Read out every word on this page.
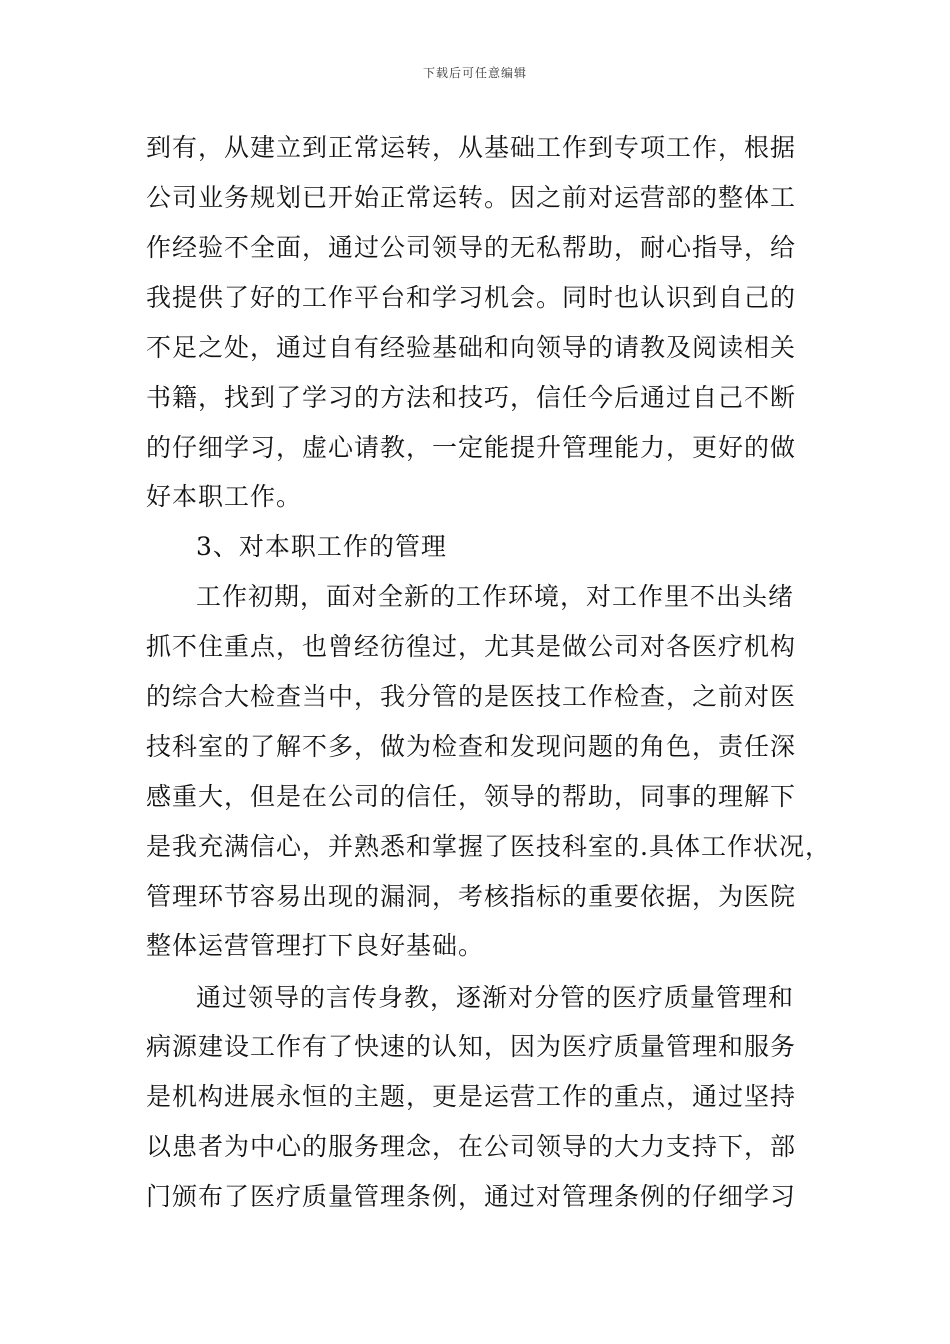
下载后可任意编辑
到有，从建立到正常运转，从基础工作到专项工作，根据
公司业务规划已开始正常运转。因之前对运营部的整体工
作经验不全面，通过公司领导的无私帮助，耐心指导，给
我提供了好的工作平台和学习机会。同时也认识到自己的
不足之处，通过自有经验基础和向领导的请教及阅读相关
书籍，找到了学习的方法和技巧，信任今后通过自己不断
的仔细学习，虚心请教，一定能提升管理能力，更好的做
好本职工作。
3、对本职工作的管理
工作初期，面对全新的工作环境，对工作里不出头绪
抓不住重点，也曾经彷徨过，尤其是做公司对各医疗机构
的综合大检查当中，我分管的是医技工作检查，之前对医
技科室的了解不多，做为检查和发现问题的角色，责任深
感重大，但是在公司的信任，领导的帮助，同事的理解下
是我充满信心，并熟悉和掌握了医技科室的.具体工作状况，
管理环节容易出现的漏洞，考核指标的重要依据，为医院
整体运营管理打下良好基础。
通过领导的言传身教，逐渐对分管的医疗质量管理和
病源建设工作有了快速的认知，因为医疗质量管理和服务
是机构进展永恒的主题，更是运营工作的重点，通过坚持
以患者为中心的服务理念，在公司领导的大力支持下，部
门颁布了医疗质量管理条例，通过对管理条例的仔细学习
